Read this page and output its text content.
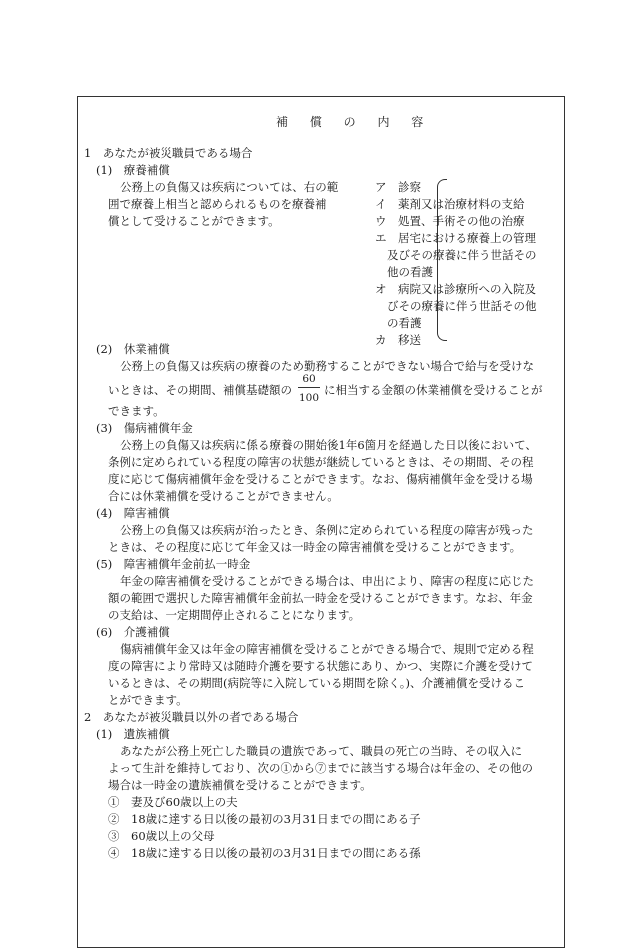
補 償 の 内 容
1　あなたが被災職員である場合
(1)　療養補償
公務上の負傷又は疾病については、右の範
囲で療養上相当と認められるものを療養補
償として受けることができます。
ア　診察
イ　薬剤又は治療材料の支給
ウ　処置、手術その他の治療
エ　居宅における療養上の管理
及びその療養に伴う世話その
他の看護
オ　病院又は診療所への入院及
びその療養に伴う世話その他
の看護
カ　移送
(2)　休業補償
公務上の負傷又は疾病の療養のため勤務することができない場合で給与を受けな
いときは、その期間、補償基礎額の
60
100
に相当する金額の休業補償を受けることが
できます。
(3)　傷病補償年金
公務上の負傷又は疾病に係る療養の開始後1年6箇月を経過した日以後において、
条例に定められている程度の障害の状態が継続しているときは、その期間、その程
度に応じて傷病補償年金を受けることができます。なお、傷病補償年金を受ける場
合には休業補償を受けることができません。
(4)　障害補償
公務上の負傷又は疾病が治ったとき、条例に定められている程度の障害が残った
ときは、その程度に応じて年金又は一時金の障害補償を受けることができます。
(5)　障害補償年金前払一時金
年金の障害補償を受けることができる場合は、申出により、障害の程度に応じた
額の範囲で選択した障害補償年金前払一時金を受けることができます。なお、年金
の支給は、一定期間停止されることになります。
(6)　介護補償
傷病補償年金又は年金の障害補償を受けることができる場合で、規則で定める程
度の障害により常時又は随時介護を要する状態にあり、かつ、実際に介護を受けて
いるときは、その期間(病院等に入院している期間を除く。)、介護補償を受けるこ
とができます。
2　あなたが被災職員以外の者である場合
(1)　遺族補償
あなたが公務上死亡した職員の遺族であって、職員の死亡の当時、その収入に
よって生計を維持しており、次の①から⑦までに該当する場合は年金の、その他の
場合は一時金の遺族補償を受けることができます。
①　妻及び60歳以上の夫
②　18歳に達する日以後の最初の3月31日までの間にある子
③　60歳以上の父母
④　18歳に達する日以後の最初の3月31日までの間にある孫
